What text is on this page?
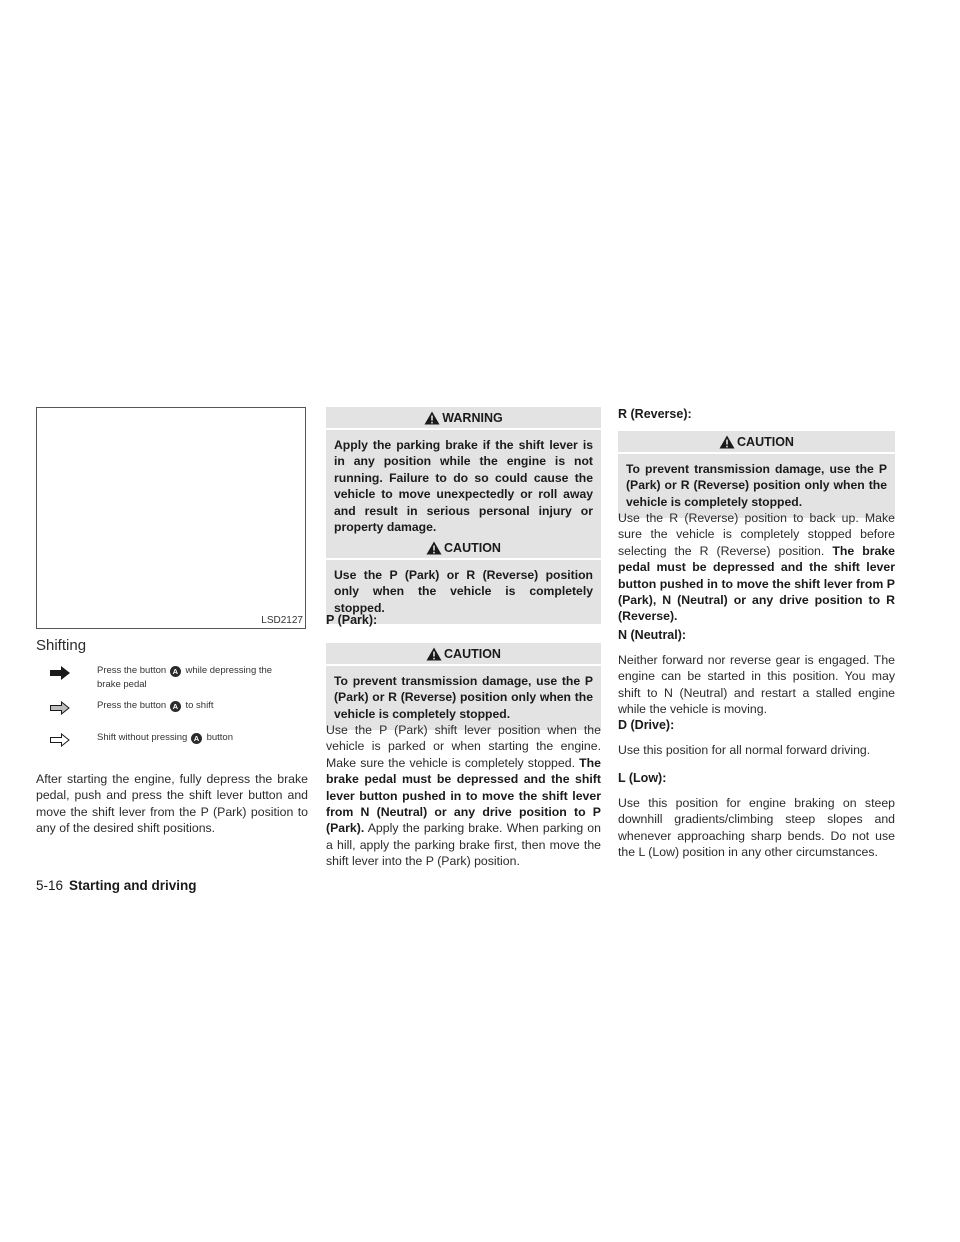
LSD2127
Shifting
Press the button A while depressing the brake pedal
Press the button A to shift
Shift without pressing A button

After starting the engine, fully depress the brake pedal, push and press the shift lever button and move the shift lever from the P (Park) position to any of the desired shift positions.

WARNING

Apply the parking brake if the shift lever is in any position while the engine is not running. Failure to do so could cause the vehicle to move unexpectedly or roll away and result in serious personal injury or property damage.

CAUTION

Use the P (Park) or R (Reverse) position only when the vehicle is completely stopped.

P (Park):
CAUTION

To prevent transmission damage, use the P (Park) or R (Reverse) position only when the vehicle is completely stopped.

Use the P (Park) shift lever position when the vehicle is parked or when starting the engine. Make sure the vehicle is completely stopped. The brake pedal must be depressed and the shift lever button pushed in to move the shift lever from N (Neutral) or any drive position to P (Park). Apply the parking brake. When parking on a hill, apply the parking brake first, then move the shift lever into the P (Park) position.

R (Reverse):
CAUTION

To prevent transmission damage, use the P (Park) or R (Reverse) position only when the vehicle is completely stopped.

Use the R (Reverse) position to back up. Make sure the vehicle is completely stopped before selecting the R (Reverse) position. The brake pedal must be depressed and the shift lever button pushed in to move the shift lever from P (Park), N (Neutral) or any drive position to R (Reverse).

N (Neutral):

Neither forward nor reverse gear is engaged. The engine can be started in this position. You may shift to N (Neutral) and restart a stalled engine while the vehicle is moving.

D (Drive):

Use this position for all normal forward driving.

L (Low):

Use this position for engine braking on steep downhill gradients/climbing steep slopes and whenever approaching sharp bends. Do not use the L (Low) position in any other circumstances.

5-16 Starting and driving
